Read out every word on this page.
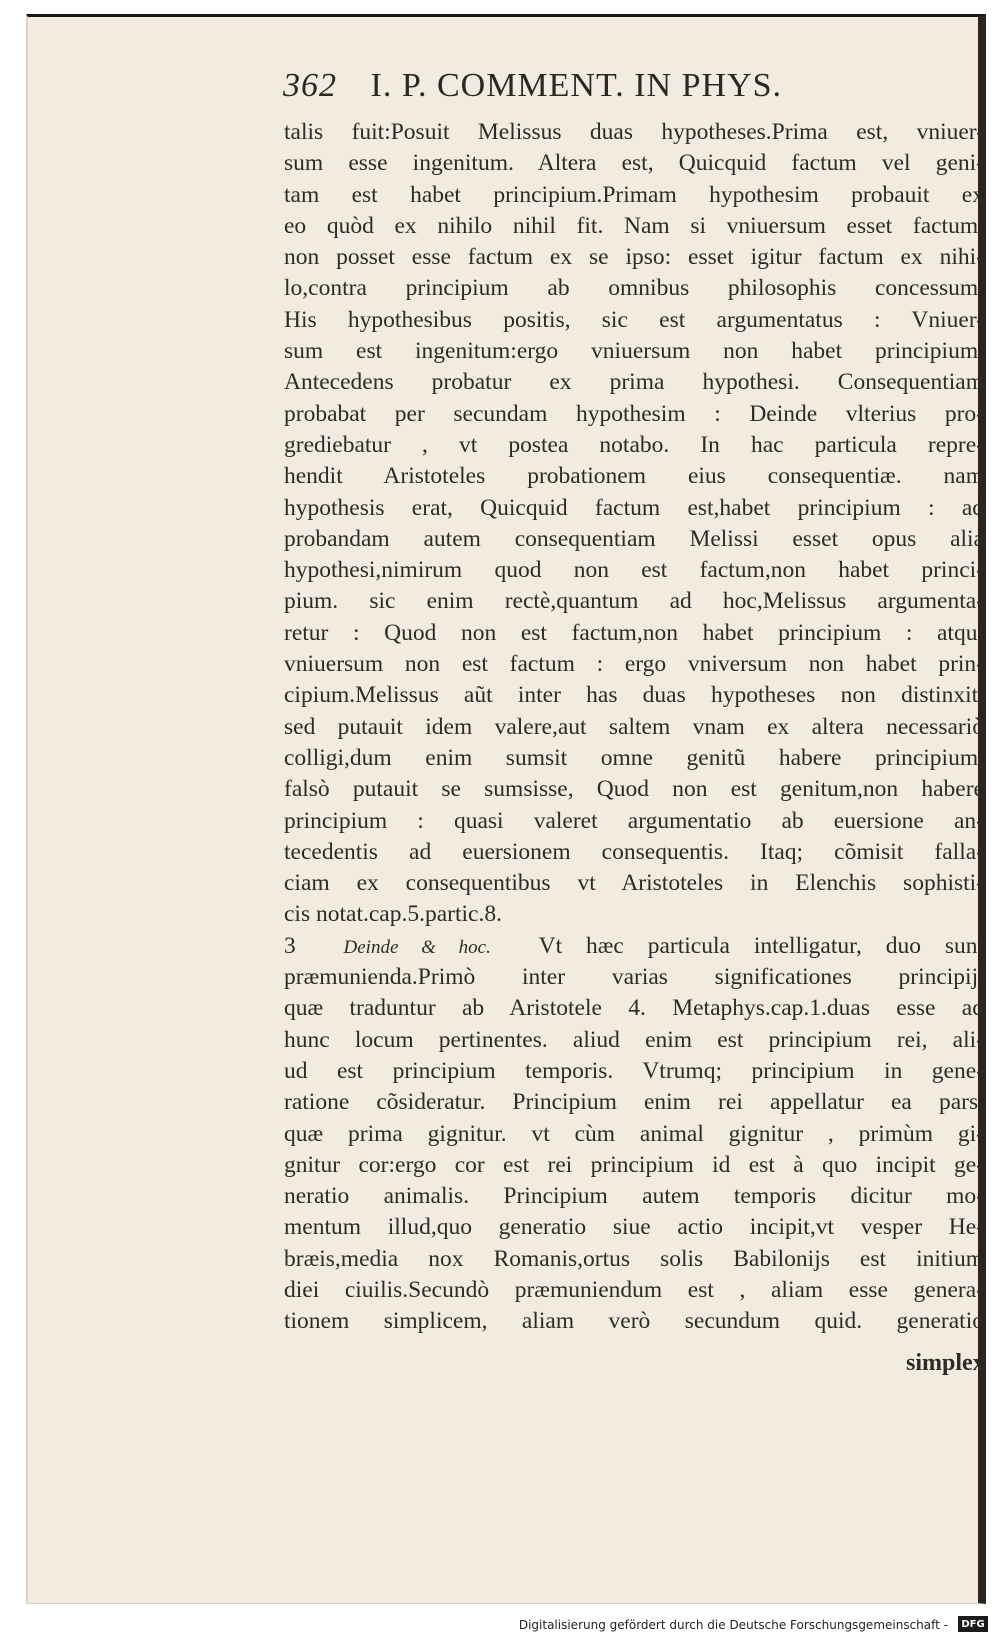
362 I. P. COMMENT. IN PHYS.
talis fuit:Posuit Melissus duas hypotheses.Prima est, vniuer-
sum esse ingenitum. Altera est, Quicquid factum vel geni-
tam est habet principium.Primam hypothesim probauit ex
eo quòd ex nihilo nihil fit. Nam si vniuersum esset factum,
non posset esse factum ex se ipso: esset igitur factum ex nihi-
lo,contra principium ab omnibus philosophis concessum.
His hypothesibus positis, sic est argumentatus : Vniuer-
sum est ingenitum:ergo vniuersum non habet principium.
Antecedens probatur ex prima hypothesi. Consequentiam
probabat per secundam hypothesim : Deinde vlterius pro-
grediebatur , vt postea notabo. In hac particula repre-
hendit Aristoteles probationem eius consequentiæ. nam
hypothesis erat, Quicquid factum est,habet principium : ad
probandam autem consequentiam Melissi esset opus alia
hypothesi,nimirum quod non est factum,non habet princi-
pium. sic enim rectè,quantum ad hoc,Melissus argumenta-
retur : Quod non est factum,non habet principium : atqui
vniuersum non est factum : ergo vniversum non habet prin-
cipium.Melissus aũt inter has duas hypotheses non distinxit,
sed putauit idem valere,aut saltem vnam ex altera necessariò
colligi,dum enim sumsit omne genitũ habere principium,
falsò putauit se sumsisse, Quod non est genitum,non habere
principium : quasi valeret argumentatio ab euersione an-
tecedentis ad euersionem consequentis. Itaq; cõmisit falla-
ciam ex consequentibus vt Aristoteles in Elenchis sophisti-
cis notat.cap.5.partic.8.
3	Deinde & hoc. Vt hæc particula intelligatur, duo sunt
præmunienda.Primò inter varias significationes principij,
quæ traduntur ab Aristotele 4. Metaphys.cap.1.duas esse ad
hunc locum pertinentes. aliud enim est principium rei, ali-
ud est principium temporis. Vtrumq; principium in gene-
ratione cõsideratur. Principium enim rei appellatur ea pars,
quæ prima gignitur. vt cùm animal gignitur , primùm gi-
gnitur cor:ergo cor est rei principium id est à quo incipit ge-
neratio animalis. Principium autem temporis dicitur mo-
mentum illud,quo generatio siue actio incipit,vt vesper He-
bræis,media nox Romanis,ortus solis Babilonijs est initium
diei ciuilis.Secundò præmuniendum est , aliam esse genera-
tionem simplicem, aliam verò secundum quid. generatio
simplex
Digitalisierung gefördert durch die Deutsche Forschungsgemeinschaft -	DFG
